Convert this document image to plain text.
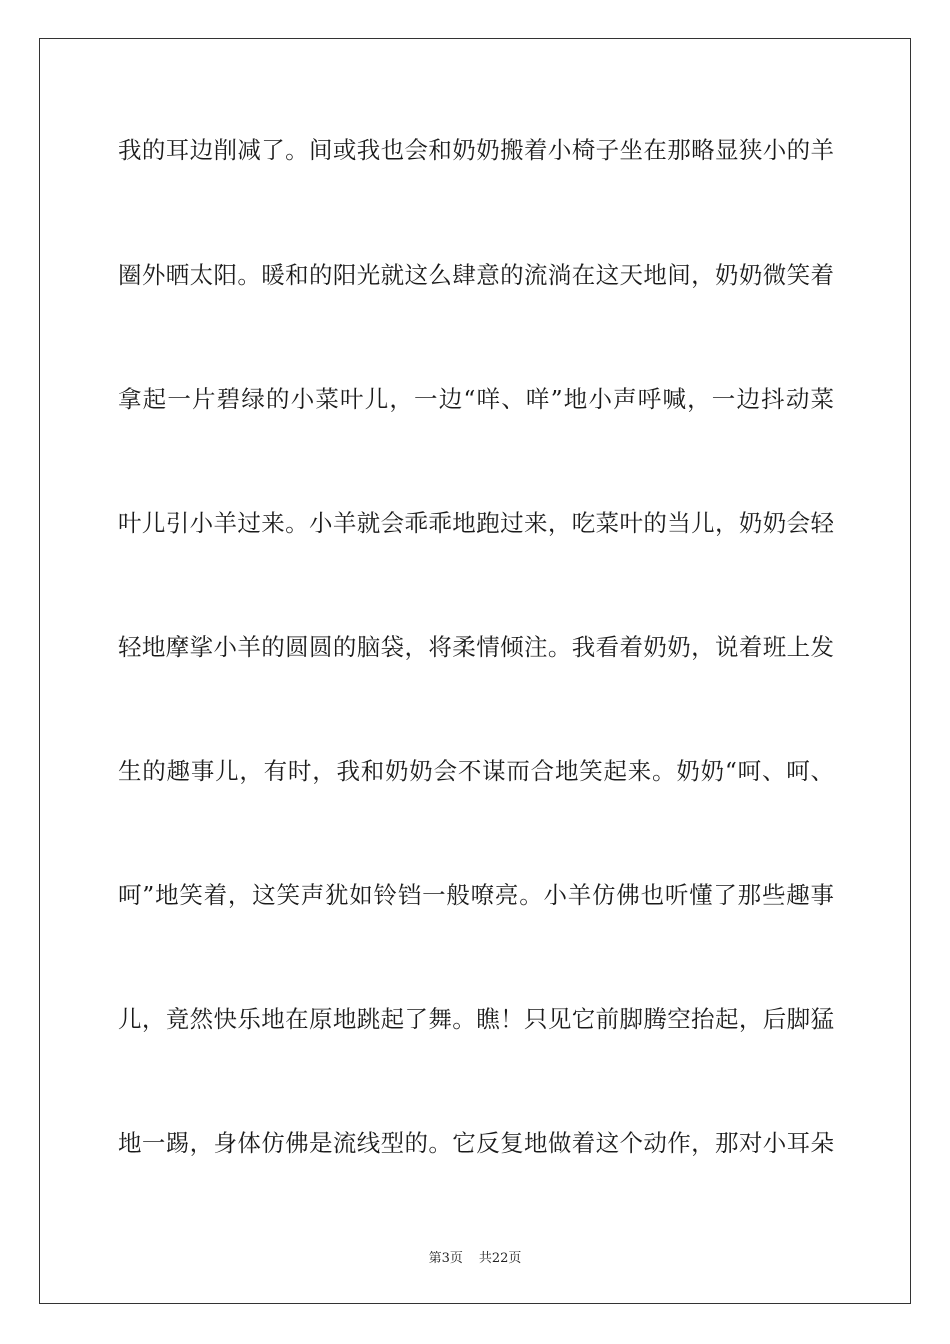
我的耳边削减了。间或我也会和奶奶搬着小椅子坐在那略显狭小的羊
圈外晒太阳。暖和的阳光就这么肆意的流淌在这天地间，奶奶微笑着
拿起一片碧绿的小菜叶儿，一边“咩、咩”地小声呼喊，一边抖动菜
叶儿引小羊过来。小羊就会乖乖地跑过来，吃菜叶的当儿，奶奶会轻
轻地摩挲小羊的圆圆的脑袋，将柔情倾注。我看着奶奶，说着班上发
生的趣事儿，有时，我和奶奶会不谋而合地笑起来。奶奶“呵、呵、
呵”地笑着，这笑声犹如铃铛一般嘹亮。小羊仿佛也听懂了那些趣事
儿，竟然快乐地在原地跳起了舞。瞧！只见它前脚腾空抬起，后脚猛
地一踢，身体仿佛是流线型的。它反复地做着这个动作，那对小耳朵
第3页 共22页
